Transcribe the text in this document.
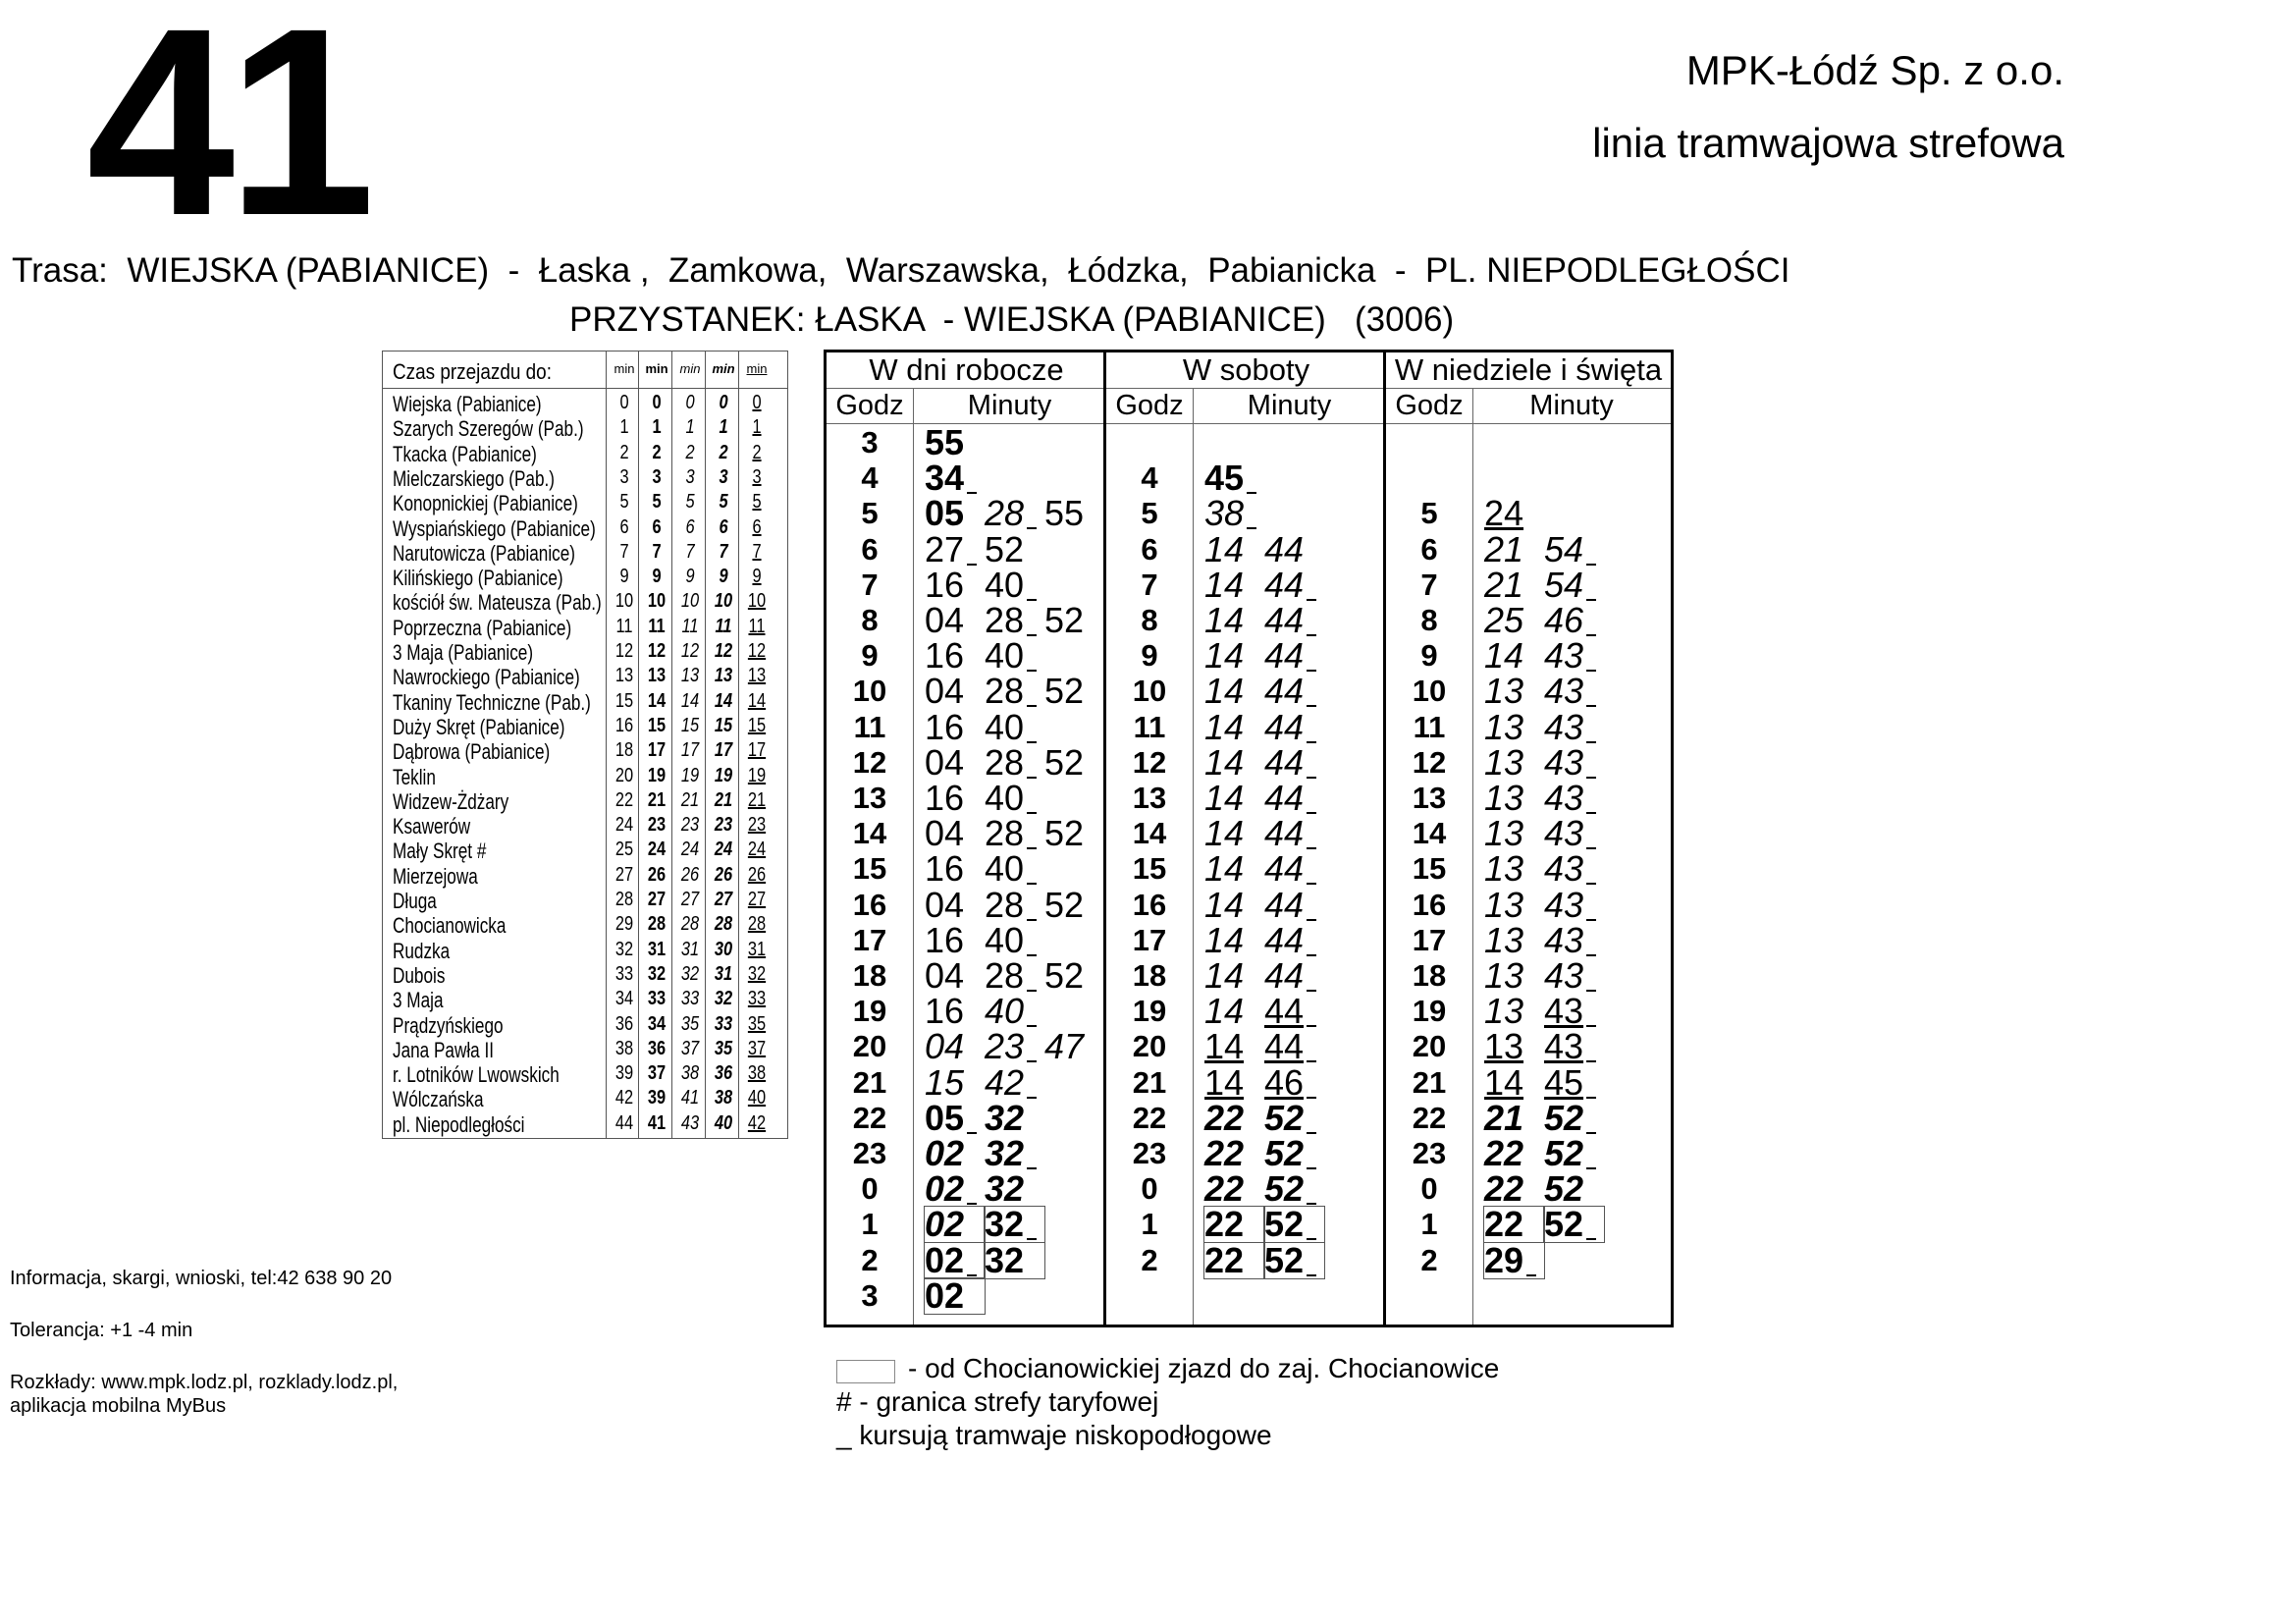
41	MPK-Łódź Sp. z o.o.
linia tramwajowa strefowa
Trasa:  WIEJSKA (PABIANICE)  -  Łaska ,  Zamkowa,  Warszawska,  Łódzka,  Pabianicka  -  PL. NIEPODLEGŁOŚCI
PRZYSTANEK: ŁASKA  - WIEJSKA (PABIANICE)   (3006)
Czas przejazdu do:	min min min min min
Wiejska (Pabianice)	0	0	0	0	0
Szarych Szeregów (Pab.)	1	1	1	1	1
Tkacka (Pabianice)	2	2	2	2	2
Mielczarskiego (Pab.)	3	3	3	3	3
Konopnickiej (Pabianice)	5	5	5	5	5
Wyspiańskiego (Pabianice)	6	6	6	6	6
Narutowicza (Pabianice)	7	7	7	7	7
Kilińskiego (Pabianice)	9	9	9	9	9
kościół św. Mateusza (Pab.) 10 10 10 10 10
Poprzeczna (Pabianice) 11 11 11 11 11
3 Maja (Pabianice)	12 12 12 12 12
Nawrockiego (Pabianice) 13 13 13 13 13
Tkaniny Techniczne (Pab.) 15 14 14 14 14
Duży Skręt (Pabianice)	16 15 15 15 15
Dąbrowa (Pabianice)	18 17 17 17 17
Teklin	20 19 19 19 19
Widzew-Żdżary	22 21 21 21 21
Ksawerów	24 23 23 23 23
Mały Skręt #	25 24 24 24 24
Mierzejowa	27 26 26 26 26
Długa	28 27 27 27 27
Chocianowicka	29 28 28 28 28
Rudzka	32 31 31 30 31
Dubois	33 32 32 31 32
3 Maja	34 33 33 32 33
Prądzyńskiego	36 34 35 33 35
Jana Pawła II	38 36 37 35 37
r. Lotników Lwowskich	39 37 38 36 38
Wólczańska	42 39 41 38 40
pl. Niepodległości	44 41 43 40 42
W dni robocze
Godz	Minuty
3	55
4	34
5	05 28 55
6	27 52
7	16 40
8	04 28 52
9	16 40
10	04 28 52
11	16 40
12	04 28 52
13	16 40
14	04 28 52
15	16 40
16	04 28 52
17	16 40
18	04 28 52
19	16 40
20	04 23 47
21	15 42
22	05 32
23	02 32
0	02 32
1	02 32
2	02 32
3	02
W soboty
Godz	Minuty
4	45
5	38
6	14 44
7	14 44
8	14 44
9	14 44
10	14 44
11	14 44
12	14 44
13	14 44
14	14 44
15	14 44
16	14 44
17	14 44
18	14 44
19	14 44
20	14 44
21	14 46
22	22 52
23	22 52
0	22 52
1	22 52
2	22 52
W niedziele i święta
Godz	Minuty
5	24
6	21 54
7	21 54
8	25 46
9	14 43
10	13 43
11	13 43
12	13 43
13	13 43
14	13 43
15	13 43
16	13 43
17	13 43
18	13 43
19	13 43
20	13 43
21	14 45
22	21 52
23	22 52
0	22 52
1	22 52
2	29
Informacja, skargi, wnioski, tel:42 638 90 20
Tolerancja: +1 -4 min
Rozkłady: www.mpk.lodz.pl, rozklady.lodz.pl,
aplikacja mobilna MyBus
- od Chocianowickiej zjazd do zaj. Chocianowice
# - granica strefy taryfowej
_ kursują tramwaje niskopodłogowe
